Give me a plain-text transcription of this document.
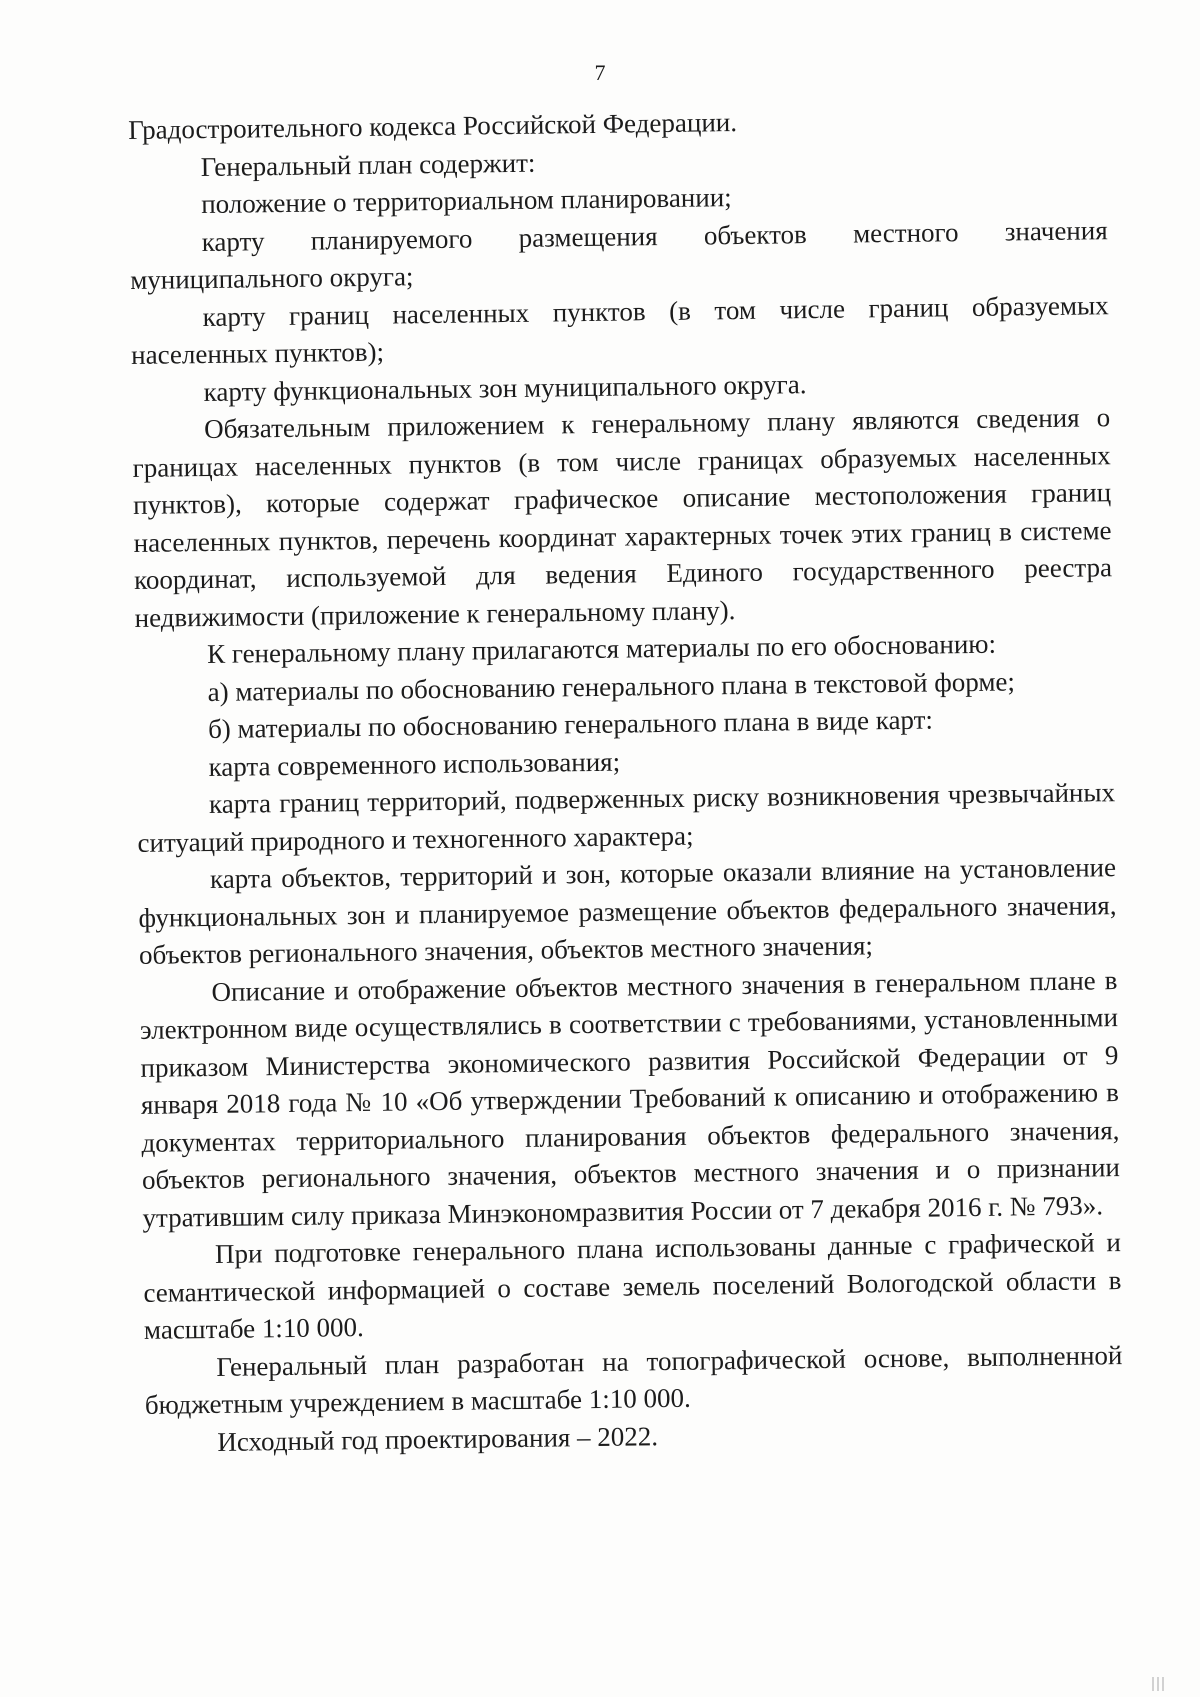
7

Градостроительного кодекса Российской Федерации.

Генеральный план содержит:

положение о территориальном планировании;

карту планируемого размещения объектов местного значения муниципального округа;

карту границ населенных пунктов (в том числе границ образуемых населенных пунктов);

карту функциональных зон муниципального округа.

Обязательным приложением к генеральному плану являются сведения о границах населенных пунктов (в том числе границах образуемых населенных пунктов), которые содержат графическое описание местоположения границ населенных пунктов, перечень координат характерных точек этих границ в системе координат, используемой для ведения Единого государственного реестра недвижимости (приложение к генеральному плану).

К генеральному плану прилагаются материалы по его обоснованию:

а) материалы по обоснованию генерального плана в текстовой форме;

б) материалы по обоснованию генерального плана в виде карт:

карта современного использования;

карта границ территорий, подверженных риску возникновения чрезвычайных ситуаций природного и техногенного характера;

карта объектов, территорий и зон, которые оказали влияние на установление функциональных зон и планируемое размещение объектов федерального значения, объектов регионального значения, объектов местного значения;

Описание и отображение объектов местного значения в генеральном плане в электронном виде осуществлялись в соответствии с требованиями, установленными приказом Министерства экономического развития Российской Федерации от 9 января 2018 года № 10 «Об утверждении Требований к описанию и отображению в документах территориального планирования объектов федерального значения, объектов регионального значения, объектов местного значения и о признании утратившим силу приказа Минэкономразвития России от 7 декабря 2016 г. № 793».

При подготовке генерального плана использованы данные с графической и семантической информацией о составе земель поселений Вологодской области в масштабе 1:10 000.

Генеральный план разработан на топографической основе, выполненной бюджетным учреждением в масштабе 1:10 000.

Исходный год проектирования – 2022.
